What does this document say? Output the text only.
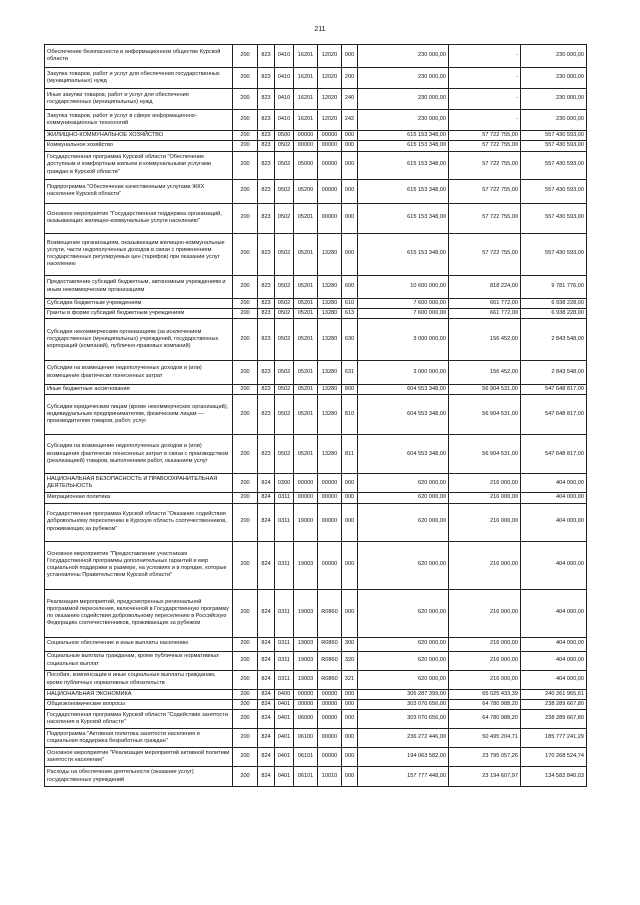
211
Обеспечение безопасности в информационном обществе Курской области	200	823	0410	16201	12020	000	230 000,00	-	230 000,00
Закупка товаров, работ и услуг для обеспечения государственных (муниципальных) нужд	200	823	0410	16201	12020	200	230 000,00	-	230 000,00
Иные закупки товаров, работ и услуг для обеспечения государственных (муниципальных) нужд	200	823	0410	16201	12020	240	230 000,00	-	230 000,00
Закупка товаров, работ и услуг в сфере информационно-коммуникационных технологий	200	823	0410	16201	12020	242	230 000,00	-	230 000,00
ЖИЛИЩНО-КОММУНАЛЬНОЕ ХОЗЯЙСТВО	200	823	0500	00000	00000	000	615 153 348,00	57 722 755,00	557 430 593,00
Коммунальное хозяйство	200	823	0502	00000	00000	000	615 153 348,00	57 722 755,00	557 430 593,00
Государственная программа Курской области "Обеспечение доступным и комфортным жильем и коммунальными услугами граждан в Курской области"	200	823	0502	05000	00000	000	615 153 348,00	57 722 755,00	557 430 593,00
Подпрограмма "Обеспечение качественными услугами ЖКХ населения Курской области"	200	823	0502	05200	00000	000	615 153 348,00	57 722 755,00	557 430 593,00
Основное мероприятие "Государственная поддержка организаций, оказывающих жилищно-коммунальные услуги населению"	200	823	0502	05201	00000	000	615 153 348,00	57 722 755,00	557 430 593,00
Возмещение организациям, оказывающим жилищно-коммунальные услуги, части недополученных доходов в связи с применением государственных регулируемых цен (тарифов) при оказании услуг населению	200	823	0502	05201	13280	000	615 153 348,00	57 722 755,00	557 430 593,00
Предоставление субсидий бюджетным, автономным учреждениям и иным некоммерческим организациям	200	823	0502	05201	13280	600	10 600 000,00	818 224,00	9 781 776,00
Субсидии бюджетным учреждениям	200	823	0502	05201	13280	610	7 600 000,00	661 772,00	6 938 228,00
Гранты в форме субсидий бюджетным учреждениям	200	823	0502	05201	13280	613	7 600 000,00	661 772,00	6 938 228,00
Субсидии некоммерческим организациям (за исключением государственных (муниципальных) учреждений, государственных корпораций (компаний), публично-правовых компаний)	200	823	0502	05201	13280	630	3 000 000,00	156 452,00	2 843 548,00
Субсидии на возмещение недополученных доходов и (или) возмещение фактически понесенных затрат	200	823	0502	05201	13280	631	3 000 000,00	156 452,00	2 843 548,00
Иные бюджетные ассигнования	200	823	0502	05201	13280	800	604 553 348,00	56 904 531,00	547 648 817,00
Субсидии юридическим лицам (кроме некоммерческих организаций), индивидуальным предпринимателям, физическим лицам — производителям товаров, работ, услуг	200	823	0502	05201	13280	810	604 553 348,00	56 904 531,00	547 648 817,00
Субсидии на возмещение недополученных доходов и (или) возмещение фактически понесенных затрат в связи с производством (реализацией) товаров, выполнением работ, оказанием услуг	200	823	0502	05201	13280	811	604 553 348,00	56 904 531,00	547 648 817,00
НАЦИОНАЛЬНАЯ БЕЗОПАСНОСТЬ И ПРАВООХРАНИТЕЛЬНАЯ ДЕЯТЕЛЬНОСТЬ	200	824	0300	00000	00000	000	620 000,00	216 000,00	404 000,00
Миграционная политика	200	824	0311	00000	00000	000	620 000,00	216 000,00	404 000,00
Государственная программа Курской области "Оказание содействия добровольному переселению в Курскую область соотечественников, проживающих за рубежом"	200	824	0311	19000	00000	000	620 000,00	216 000,00	404 000,00
Основное мероприятие "Предоставление участникам Государственной программы дополнительных гарантий и мер социальной поддержки в размере, на условиях и в порядке, которые установлены Правительством Курской области"	200	824	0311	19003	00000	000	620 000,00	216 000,00	404 000,00
Реализация мероприятий, предусмотренных региональной программой переселения, включенной в Государственную программу по оказанию содействия добровольному переселению в Российскую Федерацию соотечественников, проживающих за рубежом	200	824	0311	19003	R0860	000	620 000,00	216 000,00	404 000,00
Социальное обеспечение и иные выплаты населению	200	824	0311	19003	R0860	300	620 000,00	216 000,00	404 000,00
Социальные выплаты гражданам, кроме публичных нормативных социальных выплат	200	824	0311	19003	R0860	320	620 000,00	216 000,00	404 000,00
Пособия, компенсации и иные социальные выплаты гражданам, кроме публичных нормативных обязательств	200	824	0311	19003	R0860	321	620 000,00	216 000,00	404 000,00
НАЦИОНАЛЬНАЯ ЭКОНОМИКА	200	824	0400	00000	00000	000	305 287 399,00	65 025 433,39	240 261 965,61
Общеэкономические вопросы	200	824	0401	00000	00000	000	303 070 656,00	64 780 988,20	238 289 667,80
Государственная программа Курской области "Содействие занятости населения в Курской области"	200	824	0401	06000	00000	000	303 070 656,00	64 780 988,20	238 289 667,80
Подпрограмма "Активная политика занятости населения и социальная поддержка безработных граждан"	200	824	0401	06100	00000	000	236 272 446,00	50 495 204,71	185 777 241,29
Основное мероприятие "Реализация мероприятий активной политики занятости населения"	200	824	0401	06101	00000	000	194 063 582,00	23 795 057,26	170 268 524,74
Расходы на обеспечение деятельности (оказание услуг) государственных учреждений	200	824	0401	06101	10010	000	157 777 448,00	23 194 607,97	134 582 840,03
